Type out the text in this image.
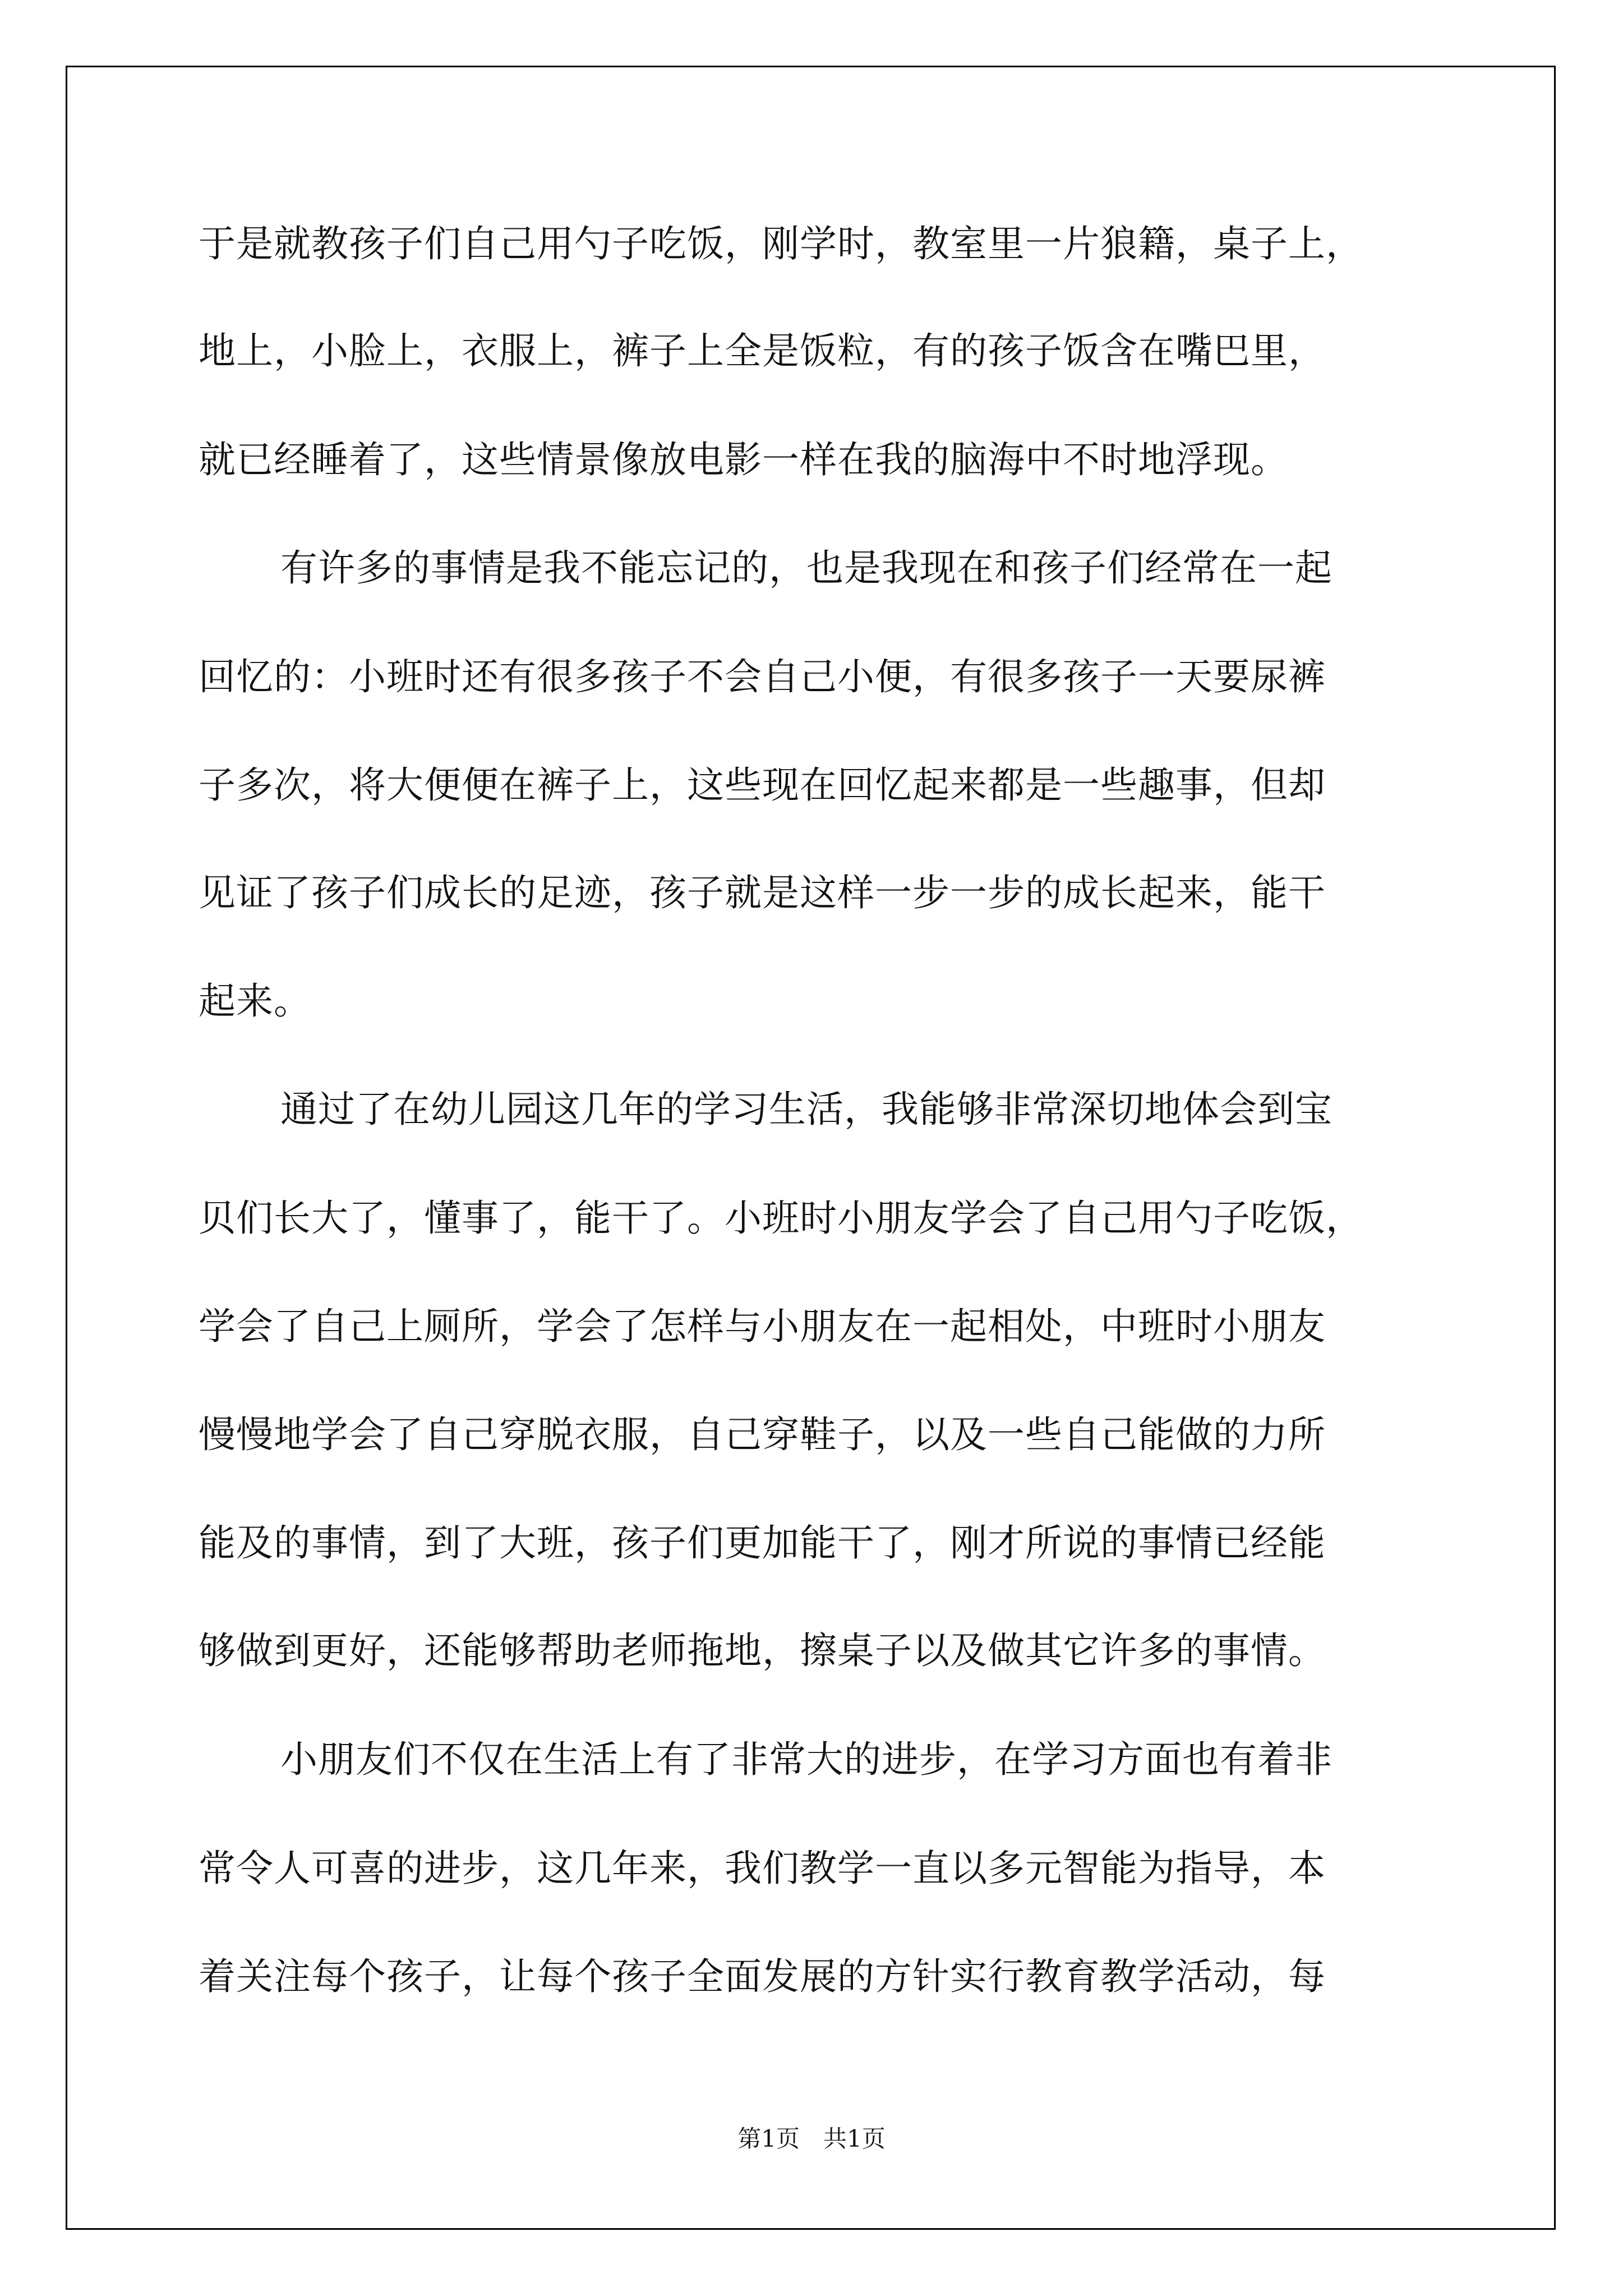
于是就教孩子们自己用勺子吃饭，刚学时，教室里一片狼籍，桌子上，
地上，小脸上，衣服上，裤子上全是饭粒，有的孩子饭含在嘴巴里，
就已经睡着了，这些情景像放电影一样在我的脑海中不时地浮现。
有许多的事情是我不能忘记的，也是我现在和孩子们经常在一起
回忆的：小班时还有很多孩子不会自己小便，有很多孩子一天要尿裤
子多次，将大便便在裤子上，这些现在回忆起来都是一些趣事，但却
见证了孩子们成长的足迹，孩子就是这样一步一步的成长起来，能干
起来。
通过了在幼儿园这几年的学习生活，我能够非常深切地体会到宝
贝们长大了，懂事了，能干了。小班时小朋友学会了自己用勺子吃饭，
学会了自己上厕所，学会了怎样与小朋友在一起相处，中班时小朋友
慢慢地学会了自己穿脱衣服，自己穿鞋子，以及一些自己能做的力所
能及的事情，到了大班，孩子们更加能干了，刚才所说的事情已经能
够做到更好，还能够帮助老师拖地，擦桌子以及做其它许多的事情。
小朋友们不仅在生活上有了非常大的进步，在学习方面也有着非
常令人可喜的进步，这几年来，我们教学一直以多元智能为指导，本
着关注每个孩子，让每个孩子全面发展的方针实行教育教学活动，每
第1页　共1页
